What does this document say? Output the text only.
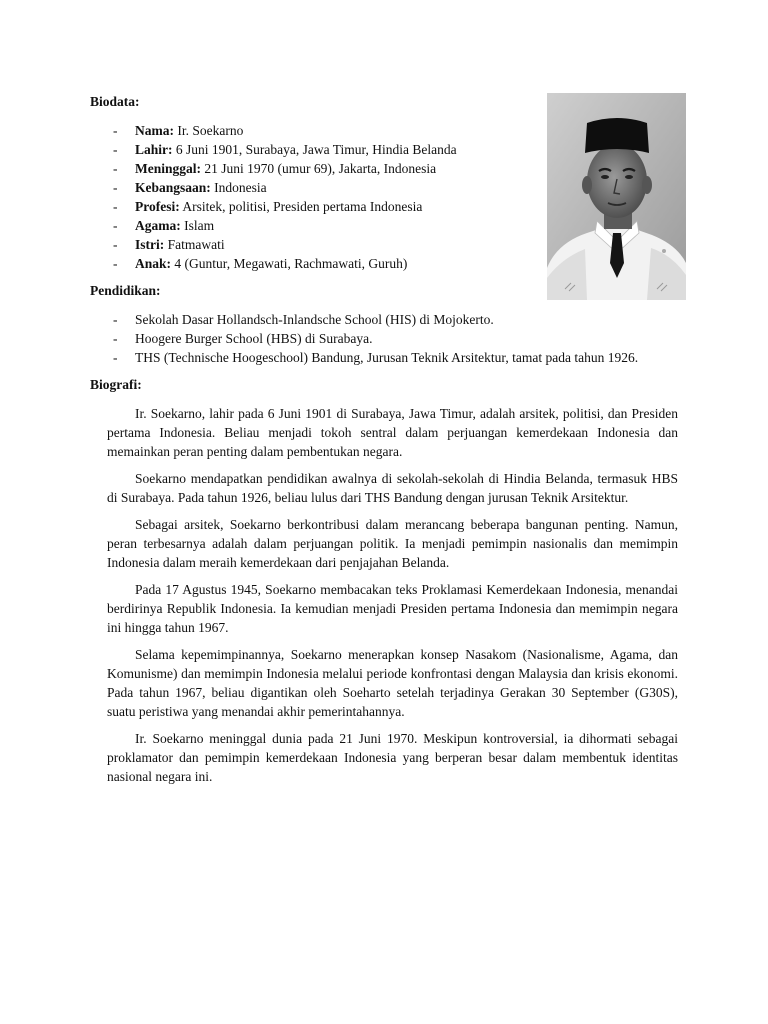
Biodata:
- Nama: Ir. Soekarno
- Lahir: 6 Juni 1901, Surabaya, Jawa Timur, Hindia Belanda
- Meninggal: 21 Juni 1970 (umur 69), Jakarta, Indonesia
- Kebangsaan: Indonesia
- Profesi: Arsitek, politisi, Presiden pertama Indonesia
- Agama: Islam
- Istri: Fatmawati
- Anak: 4 (Guntur, Megawati, Rachmawati, Guruh)
Pendidikan:
- Sekolah Dasar Hollandsch-Inlandsche School (HIS) di Mojokerto.
- Hoogere Burger School (HBS) di Surabaya.
- THS (Technische Hoogeschool) Bandung, Jurusan Teknik Arsitektur, tamat pada tahun 1926.
Biografi:

Ir. Soekarno, lahir pada 6 Juni 1901 di Surabaya, Jawa Timur, adalah arsitek, politisi, dan Presiden pertama Indonesia. Beliau menjadi tokoh sentral dalam perjuangan kemerdekaan Indonesia dan memainkan peran penting dalam pembentukan negara.

Soekarno mendapatkan pendidikan awalnya di sekolah-sekolah di Hindia Belanda, termasuk HBS di Surabaya. Pada tahun 1926, beliau lulus dari THS Bandung dengan jurusan Teknik Arsitektur.

Sebagai arsitek, Soekarno berkontribusi dalam merancang beberapa bangunan penting. Namun, peran terbesarnya adalah dalam perjuangan politik. Ia menjadi pemimpin nasionalis dan memimpin Indonesia dalam meraih kemerdekaan dari penjajahan Belanda.

Pada 17 Agustus 1945, Soekarno membacakan teks Proklamasi Kemerdekaan Indonesia, menandai berdirinya Republik Indonesia. Ia kemudian menjadi Presiden pertama Indonesia dan memimpin negara ini hingga tahun 1967.

Selama kepemimpinannya, Soekarno menerapkan konsep Nasakom (Nasionalisme, Agama, dan Komunisme) dan memimpin Indonesia melalui periode konfrontasi dengan Malaysia dan krisis ekonomi. Pada tahun 1967, beliau digantikan oleh Soeharto setelah terjadinya Gerakan 30 September (G30S), suatu peristiwa yang menandai akhir pemerintahannya.

Ir. Soekarno meninggal dunia pada 21 Juni 1970. Meskipun kontroversial, ia dihormati sebagai proklamator dan pemimpin kemerdekaan Indonesia yang berperan besar dalam membentuk identitas nasional negara ini.
